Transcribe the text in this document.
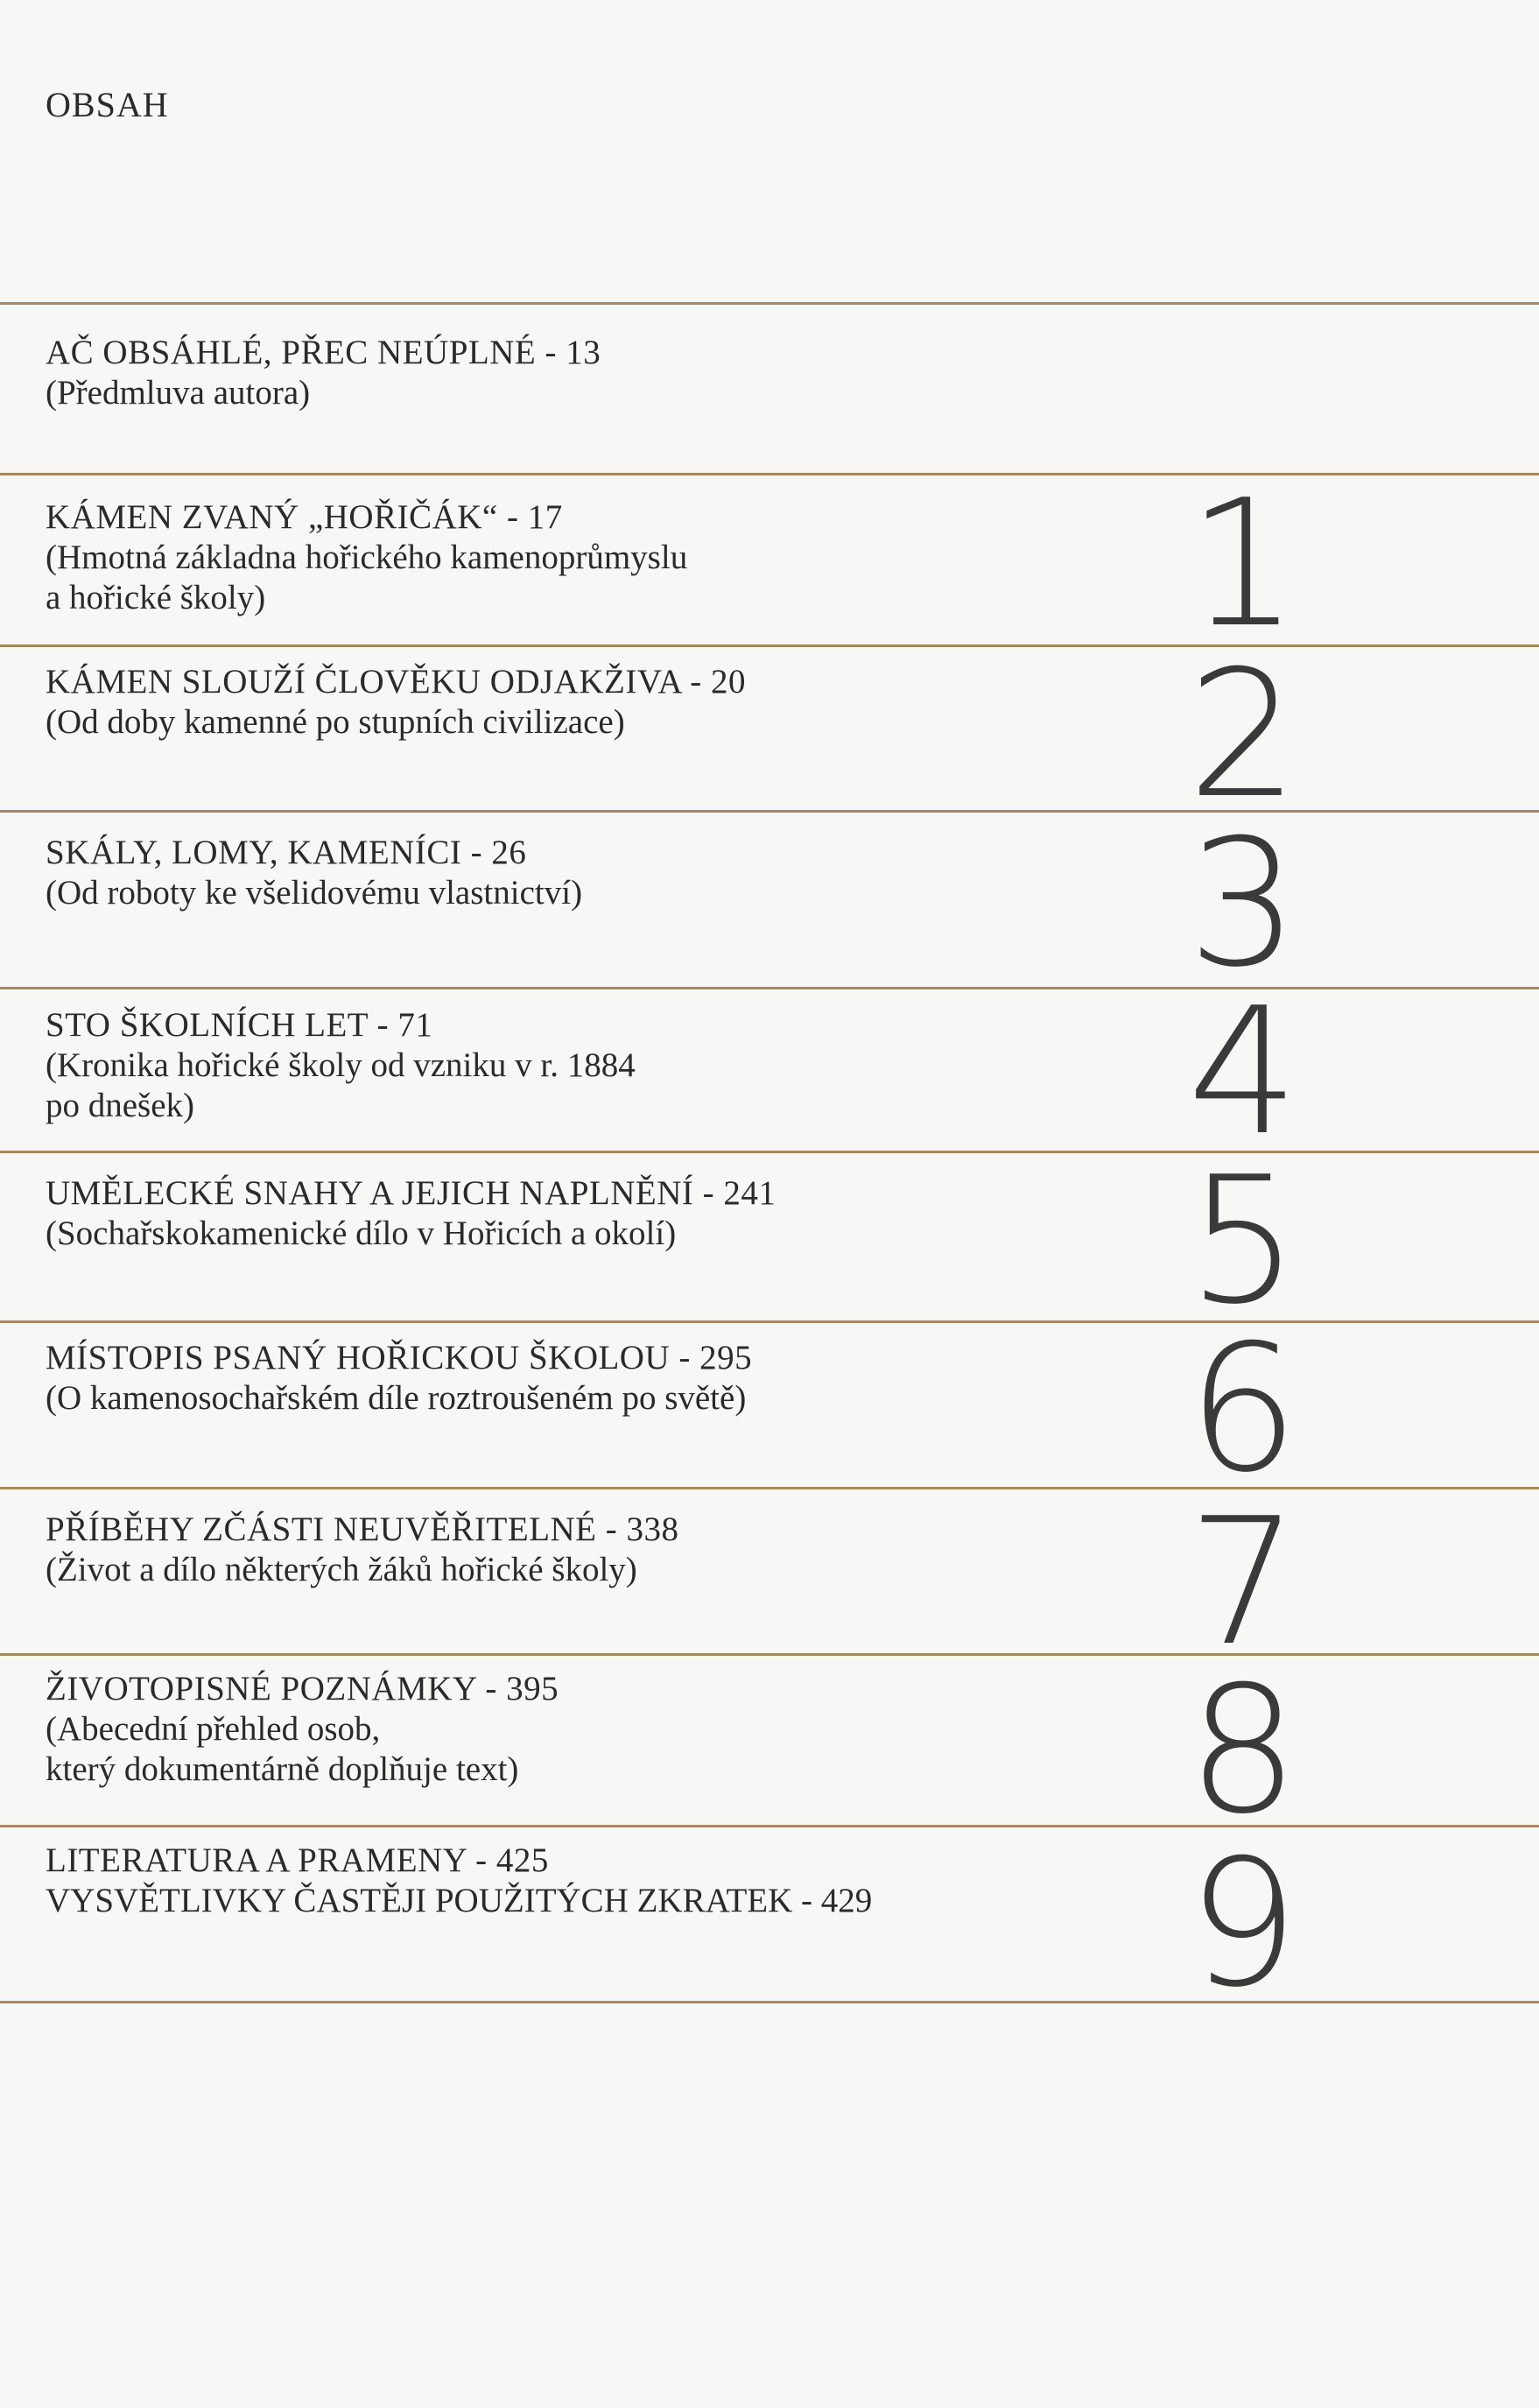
OBSAH
AČ OBSÁHLÉ, PŘEC NEÚPLNÉ - 13
(Předmluva autora)
KÁMEN ZVANÝ „HOŘIČÁK“ - 17
(Hmotná základna hořického kamenoprůmyslu
a hořické školy)	1
KÁMEN SLOUŽÍ ČLOVĚKU ODJAKŽIVA - 20
(Od doby kamenné po stupních civilizace)	2
SKÁLY, LOMY, KAMENÍCI - 26
(Od roboty ke všelidovému vlastnictví)	3
STO ŠKOLNÍCH LET - 71
(Kronika hořické školy od vzniku v r. 1884
po dnešek)	4
UMĚLECKÉ SNAHY A JEJICH NAPLNĚNÍ - 241
(Sochařskokamenické dílo v Hořicích a okolí)	5
MÍSTOPIS PSANÝ HOŘICKOU ŠKOLOU - 295
(O kamenosochařském díle roztroušeném po světě)	6
PŘÍBĚHY ZČÁSTI NEUVĚŘITELNÉ - 338
(Život a dílo některých žáků hořické školy)	7
ŽIVOTOPISNÉ POZNÁMKY - 395
(Abecední přehled osob,
který dokumentárně doplňuje text)	8
LITERATURA A PRAMENY - 425
VYSVĚTLIVKY ČASTĚJI POUŽITÝCH ZKRATEK - 429	9
